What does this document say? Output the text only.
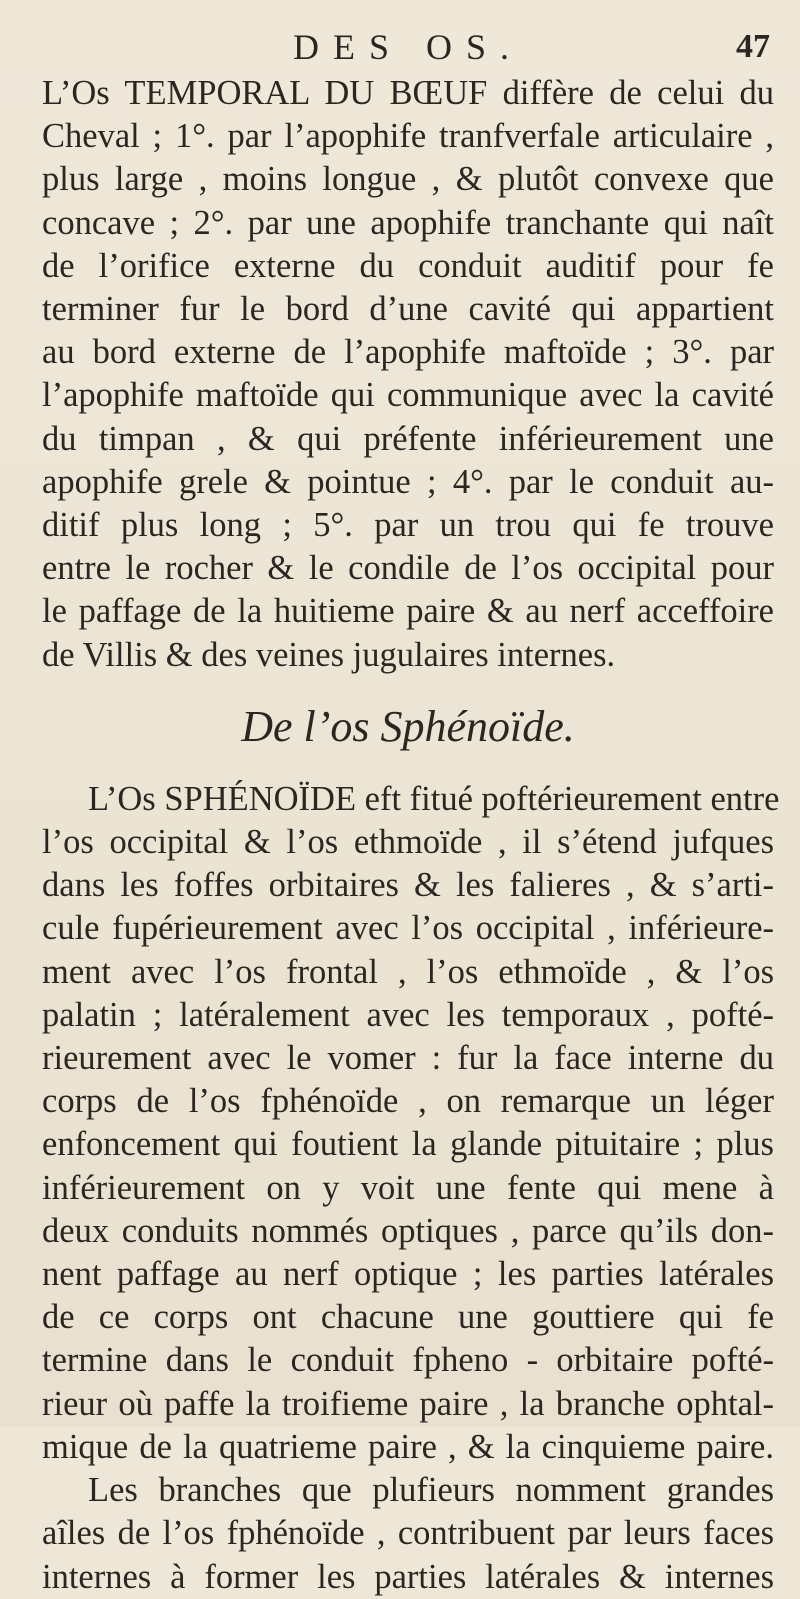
DES OS.	47

L’Os TEMPORAL DU BŒUF diffère de celui du
Cheval ; 1°. par l’apophife tranfverfale articulaire ,
plus large , moins longue , & plutôt convexe que
concave ; 2°. par une apophife tranchante qui naît
de l’orifice externe du conduit auditif pour fe
terminer fur le bord d’une cavité qui appartient
au bord externe de l’apophife maftoïde ; 3°. par
l’apophife maftoïde qui communique avec la cavité
du timpan , & qui préfente inférieurement une
apophife grele & pointue ; 4°. par le conduit au-
ditif plus long ; 5°. par un trou qui fe trouve
entre le rocher & le condile de l’os occipital pour
le paffage de la huitieme paire & au nerf acceffoire
de Villis & des veines jugulaires internes.

De l’os Sphénoïde.

L’Os SPHÉNOÏDE eft fitué poftérieurement entre
l’os occipital & l’os ethmoïde , il s’étend jufques
dans les foffes orbitaires & les falieres , & s’arti-
cule fupérieurement avec l’os occipital , inférieure-
ment avec l’os frontal , l’os ethmoïde , & l’os
palatin ; latéralement avec les temporaux , pofté-
rieurement avec le vomer : fur la face interne du
corps de l’os fphénoïde , on remarque un léger
enfoncement qui foutient la glande pituitaire ; plus
inférieurement on y voit une fente qui mene à
deux conduits nommés optiques , parce qu’ils don-
nent paffage au nerf optique ; les parties latérales
de ce corps ont chacune une gouttiere qui fe
termine dans le conduit fpheno - orbitaire pofté-
rieur où paffe la troifieme paire , la branche ophtal-
mique de la quatrieme paire , & la cinquieme paire.
Les branches que plufieurs nomment grandes
aîles de l’os fphénoïde , contribuent par leurs faces
internes à former les parties latérales & internes
